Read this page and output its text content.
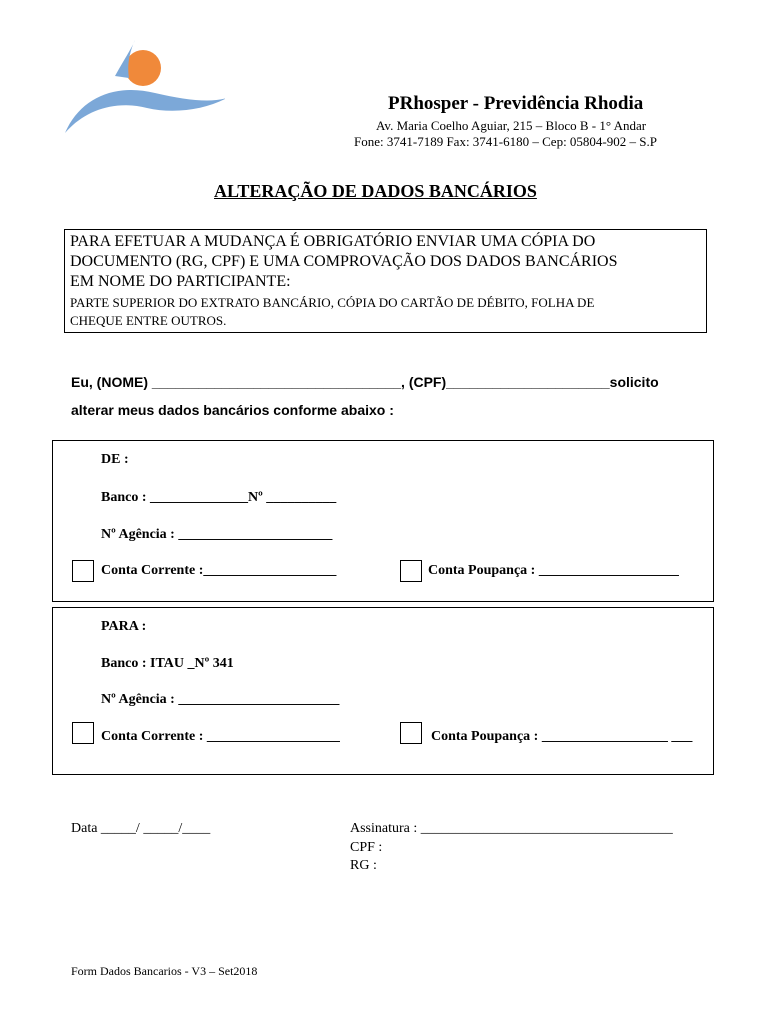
PRhosper - Previdência Rhodia
Av. Maria Coelho Aguiar, 215 – Bloco B - 1° Andar
Fone: 3741-7189 Fax: 3741-6180 – Cep: 05804-902 – S.P
ALTERAÇÃO DE DADOS BANCÁRIOS
PARA EFETUAR A MUDANÇA É OBRIGATÓRIO ENVIAR UMA CÓPIA DO
DOCUMENTO (RG, CPF) E UMA COMPROVAÇÃO DOS DADOS BANCÁRIOS
EM NOME DO PARTICIPANTE:
PARTE SUPERIOR DO EXTRATO BANCÁRIO, CÓPIA DO CARTÃO DE DÉBITO, FOLHA DE
CHEQUE ENTRE OUTROS.
Eu, (NOME) ________________________________, (CPF)_____________________solicito
alterar meus dados bancários conforme abaixo :
DE :
Banco : ______________Nº __________
Nº Agência : ______________________
Conta Corrente :___________________	Conta Poupança : ____________________
PARA :
Banco : ITAU _Nº 341
Nº Agência : _______________________
Conta Corrente : ___________________	Conta Poupança : __________________ ___
Data _____/ _____/____	Assinatura : ____________________________________
CPF :
RG :
Form Dados Bancarios - V3 – Set2018
